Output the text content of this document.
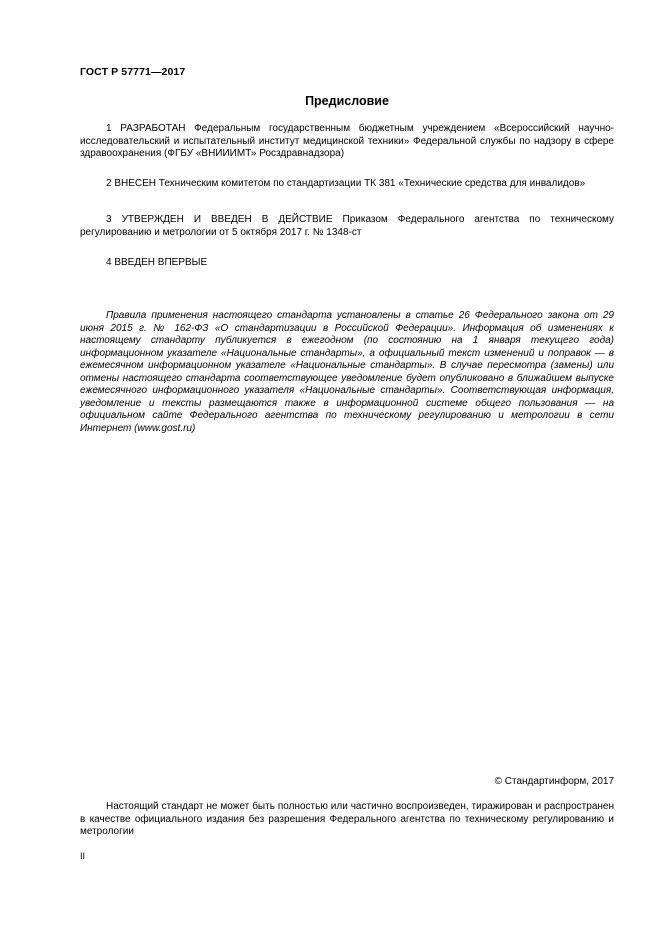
ГОСТ Р 57771—2017
Предисловие
1 РАЗРАБОТАН Федеральным государственным бюджетным учреждением «Всероссийский научно-исследовательский и испытательный институт медицинской техники» Федеральной службы по надзору в сфере здравоохранения (ФГБУ «ВНИИИМТ» Росздравнадзора)
2 ВНЕСЕН Техническим комитетом по стандартизации ТК 381 «Технические средства для инвалидов»
3 УТВЕРЖДЕН И ВВЕДЕН В ДЕЙСТВИЕ Приказом Федерального агентства по техническому регулированию и метрологии от 5 октября 2017 г. № 1348-ст
4 ВВЕДЕН ВПЕРВЫЕ
Правила применения настоящего стандарта установлены в статье 26 Федерального закона от 29 июня 2015 г. № 162-ФЗ «О стандартизации в Российской Федерации». Информация об изменениях к настоящему стандарту публикуется в ежегодном (по состоянию на 1 января текущего года) информационном указателе «Национальные стандарты», а официальный текст изменений и поправок — в ежемесячном информационном указателе «Национальные стандарты». В случае пересмотра (замены) или отмены настоящего стандарта соответствующее уведомление будет опубликовано в ближайшем выпуске ежемесячного информационного указателя «Национальные стандарты». Соответствующая информация, уведомление и тексты размещаются также в информационной системе общего пользования — на официальном сайте Федерального агентства по техническому регулированию и метрологии в сети Интернет (www.gost.ru)
© Стандартинформ, 2017
Настоящий стандарт не может быть полностью или частично воспроизведен, тиражирован и распространен в качестве официального издания без разрешения Федерального агентства по техническому регулированию и метрологии
II
